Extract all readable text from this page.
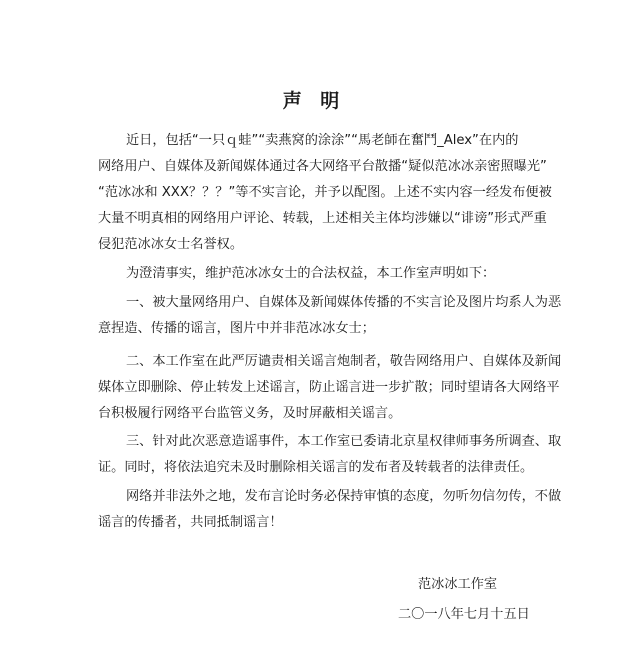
声 明
近日，包括“一只ｑ蛙”“卖燕窝的涂涂”“馬老師在奮鬥_Alex”在内的
网络用户、自媒体及新闻媒体通过各大网络平台散播“疑似范冰冰亲密照曝光”
“范冰冰和 XXX？？？”等不实言论，并予以配图。上述不实内容一经发布便被
大量不明真相的网络用户评论、转载，上述相关主体均涉嫌以“诽谤”形式严重
侵犯范冰冰女士名誉权。
为澄清事实，维护范冰冰女士的合法权益，本工作室声明如下：
一、被大量网络用户、自媒体及新闻媒体传播的不实言论及图片均系人为恶
意捏造、传播的谣言，图片中并非范冰冰女士；
二、本工作室在此严厉谴责相关谣言炮制者，敬告网络用户、自媒体及新闻
媒体立即删除、停止转发上述谣言，防止谣言进一步扩散；同时望请各大网络平
台积极履行网络平台监管义务，及时屏蔽相关谣言。
三、针对此次恶意造谣事件，本工作室已委请北京星权律师事务所调查、取
证。同时，将依法追究未及时删除相关谣言的发布者及转载者的法律责任。
网络并非法外之地，发布言论时务必保持审慎的态度，勿听勿信勿传，不做
谣言的传播者，共同抵制谣言！
范冰冰工作室
二〇一八年七月十五日
